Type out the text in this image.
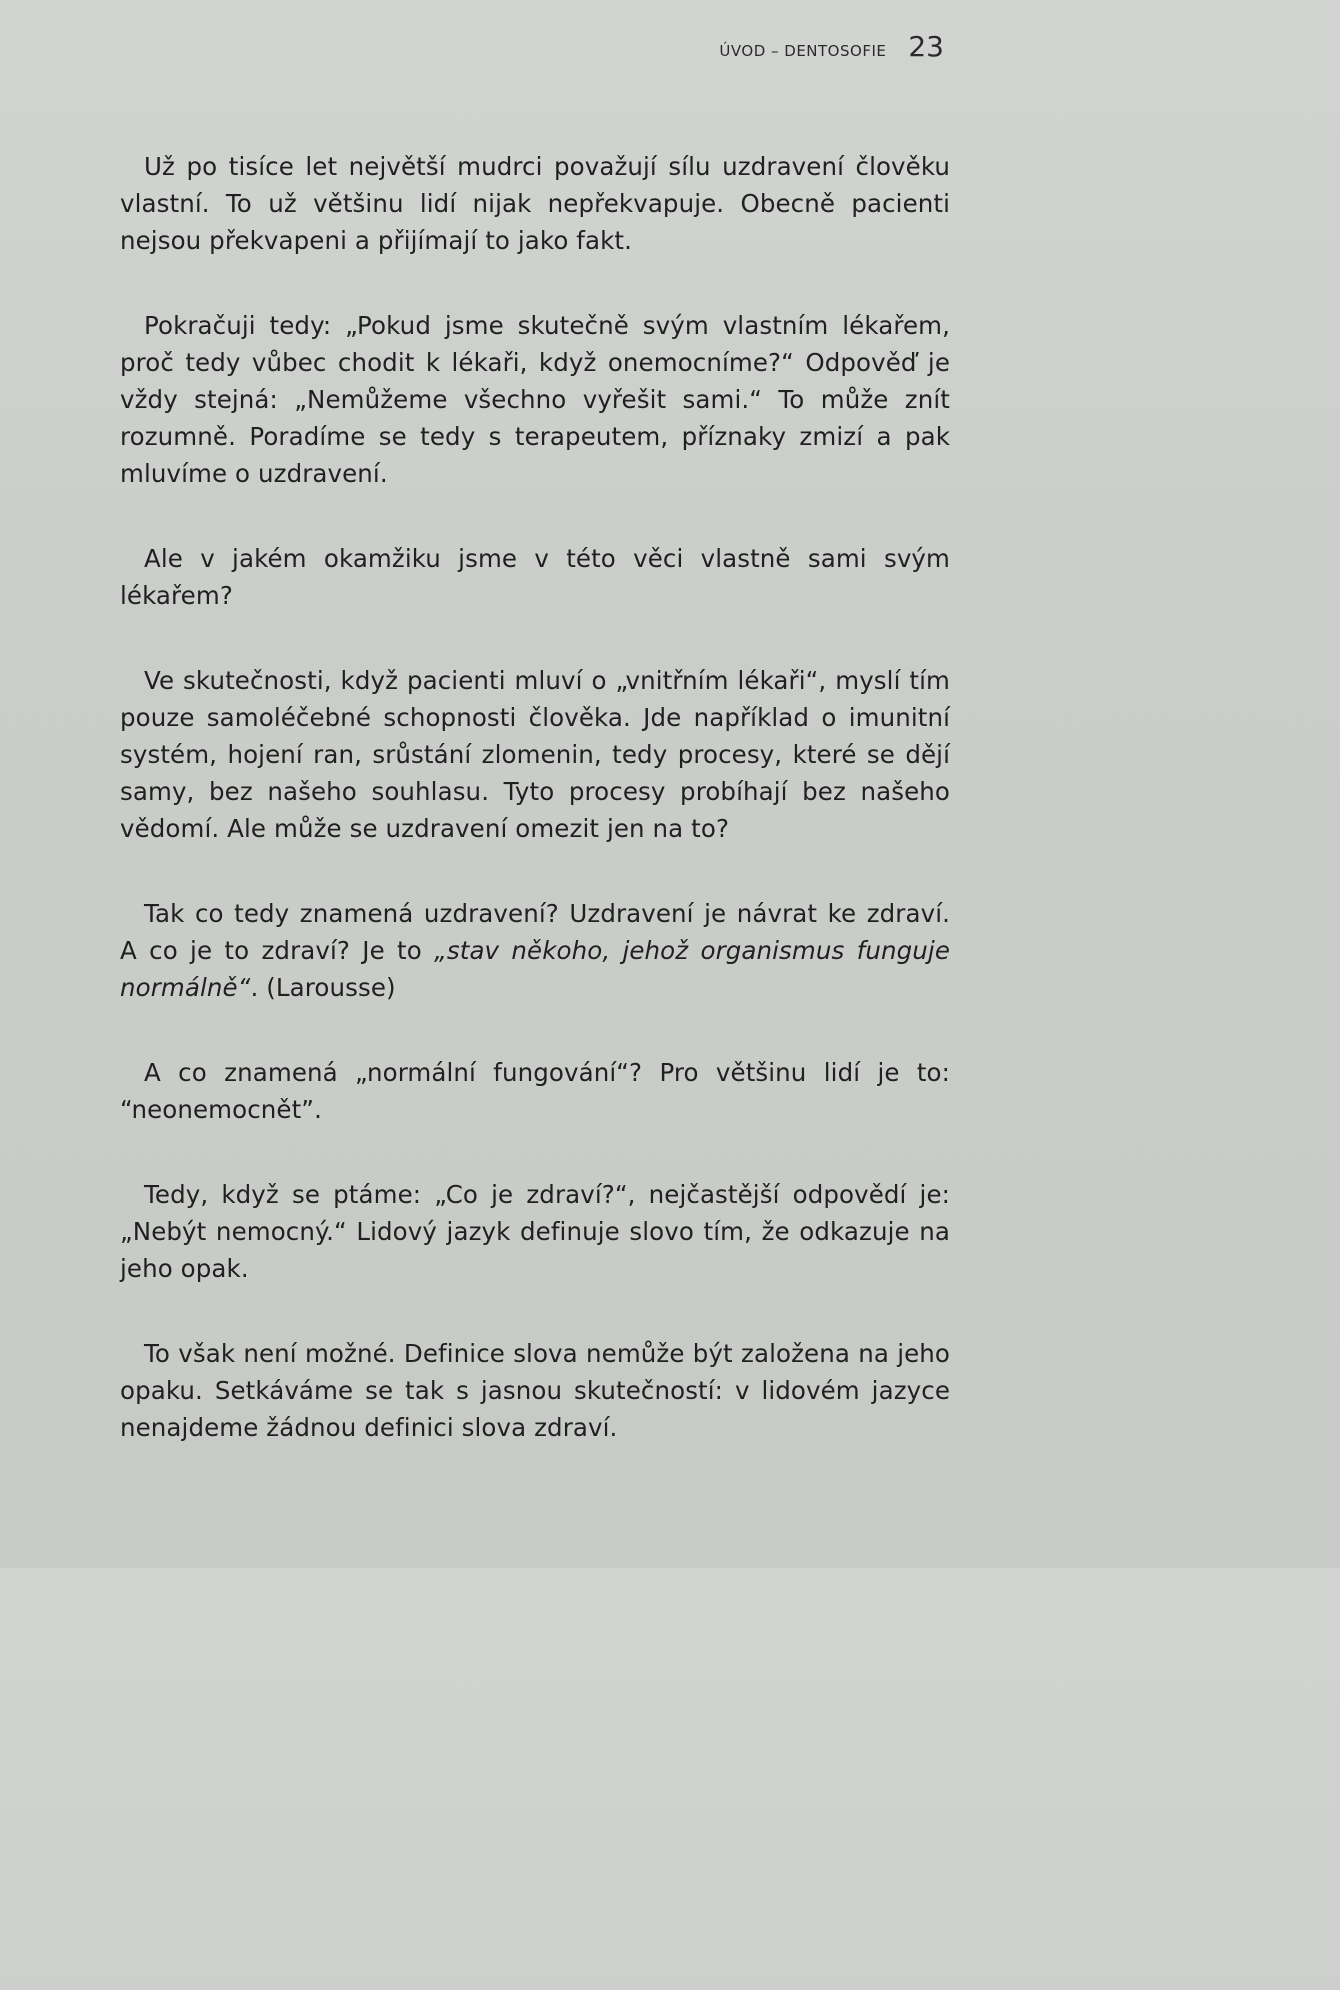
ÚVOD – DENTOSOFIE 23

Už po tisíce let největší mudrci považují sílu uzdravení člověku vlastní. To už většinu lidí nijak nepřekvapuje. Obecně pacienti nejsou překvapeni a přijímají to jako fakt.

Pokračuji tedy: „Pokud jsme skutečně svým vlastním lékařem, proč tedy vůbec chodit k lékaři, když onemocníme?“ Odpověď je vždy stejná: „Nemůžeme všechno vyřešit sami.“ To může znít rozumně. Poradíme se tedy s terapeutem, příznaky zmizí a pak mluvíme o uzdravení.

Ale v jakém okamžiku jsme v této věci vlastně sami svým lékařem?

Ve skutečnosti, když pacienti mluví o „vnitřním lékaři“, myslí tím pouze samoléčebné schopnosti člověka. Jde například o imunitní systém, hojení ran, srůstání zlomenin, tedy procesy, které se dějí samy, bez našeho souhlasu. Tyto procesy probíhají bez našeho vědomí. Ale může se uzdravení omezit jen na to?

Tak co tedy znamená uzdravení? Uzdravení je návrat ke zdraví. A co je to zdraví? Je to „stav někoho, jehož organismus funguje normálně“. (Larousse)

A co znamená „normální fungování“? Pro většinu lidí je to: “neonemocnět”.

Tedy, když se ptáme: „Co je zdraví?“, nejčastější odpovědí je: „Nebýt nemocný.“ Lidový jazyk definuje slovo tím, že odkazuje na jeho opak.

To však není možné. Definice slova nemůže být založena na jeho opaku. Setkáváme se tak s jasnou skutečností: v lidovém jazyce nenajdeme žádnou definici slova zdraví.
